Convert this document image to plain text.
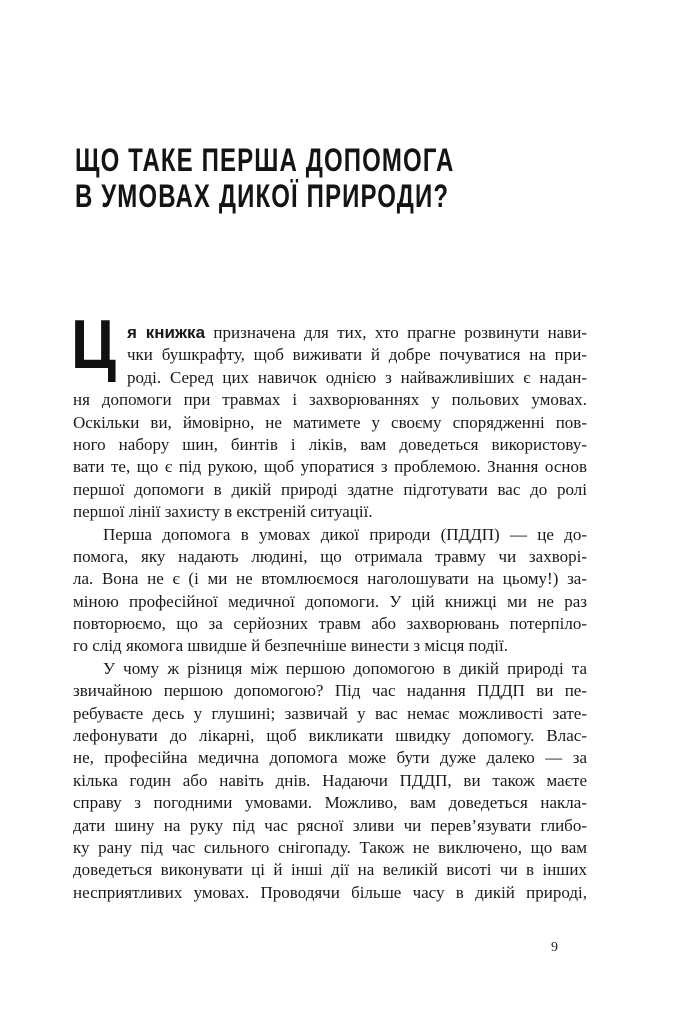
ЩО ТАКЕ ПЕРША ДОПОМОГА
В УМОВАХ ДИКОЇ ПРИРОДИ?
Ц я книжка призначена для тих, хто прагне розвинути нави-
чки бушкрафту, щоб виживати й добре почуватися на при-
роді. Серед цих навичок однією з найважливіших є надан-
ня допомоги при травмах і захворюваннях у польових умовах.
Оскільки ви, ймовірно, не матимете у своєму спорядженні пов-
ного набору шин, бинтів і ліків, вам доведеться використову-
вати те, що є під рукою, щоб упоратися з проблемою. Знання основ
першої допомоги в дикій природі здатне підготувати вас до ролі
першої лінії захисту в екстреній ситуації.
Перша допомога в умовах дикої природи (ПДДП) — це до-
помога, яку надають людині, що отримала травму чи захворі-
ла. Вона не є (і ми не втомлюємося наголошувати на цьому!) за-
міною професійної медичної допомоги. У цій книжці ми не раз
повторюємо, що за серйозних травм або захворювань потерпіло-
го слід якомога швидше й безпечніше винести з місця події.
У чому ж різниця між першою допомогою в дикій природі та
звичайною першою допомогою? Під час надання ПДДП ви пе-
ребуваєте десь у глушині; зазвичай у вас немає можливості зате-
лефонувати до лікарні, щоб викликати швидку допомогу. Влас-
не, професійна медична допомога може бути дуже далеко — за
кілька годин або навіть днів. Надаючи ПДДП, ви також маєте
справу з погодними умовами. Можливо, вам доведеться накла-
дати шину на руку під час рясної зливи чи перев’язувати глибо-
ку рану під час сильного снігопаду. Також не виключено, що вам
доведеться виконувати ці й інші дії на великій висоті чи в інших
несприятливих умовах. Проводячи більше часу в дикій природі,
9
